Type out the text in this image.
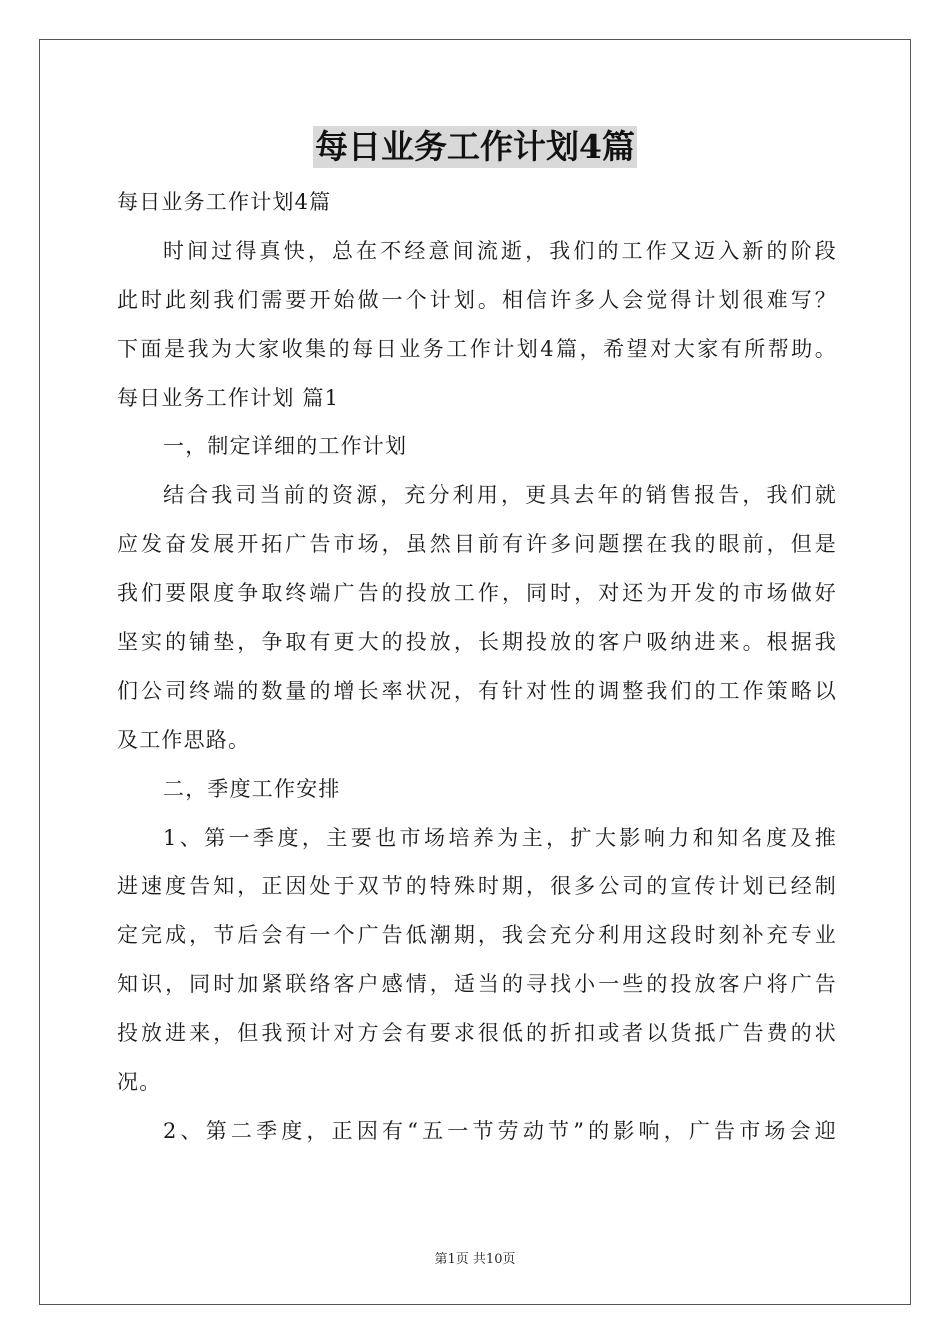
每日业务工作计划4篇
每日业务工作计划4篇
时间过得真快，总在不经意间流逝，我们的工作又迈入新的阶段
此时此刻我们需要开始做一个计划。相信许多人会觉得计划很难写？
下面是我为大家收集的每日业务工作计划4篇，希望对大家有所帮助。
每日业务工作计划 篇1
一，制定详细的工作计划
结合我司当前的资源，充分利用，更具去年的销售报告，我们就
应发奋发展开拓广告市场，虽然目前有许多问题摆在我的眼前，但是
我们要限度争取终端广告的投放工作，同时，对还为开发的市场做好
坚实的铺垫，争取有更大的投放，长期投放的客户吸纳进来。根据我
们公司终端的数量的增长率状况，有针对性的调整我们的工作策略以
及工作思路。
二，季度工作安排
1、第一季度，主要也市场培养为主，扩大影响力和知名度及推
进速度告知，正因处于双节的特殊时期，很多公司的宣传计划已经制
定完成，节后会有一个广告低潮期，我会充分利用这段时刻补充专业
知识，同时加紧联络客户感情，适当的寻找小一些的投放客户将广告
投放进来，但我预计对方会有要求很低的折扣或者以货抵广告费的状
况。
2、第二季度，正因有“五一节劳动节”的影响，广告市场会迎
第1页 共10页
